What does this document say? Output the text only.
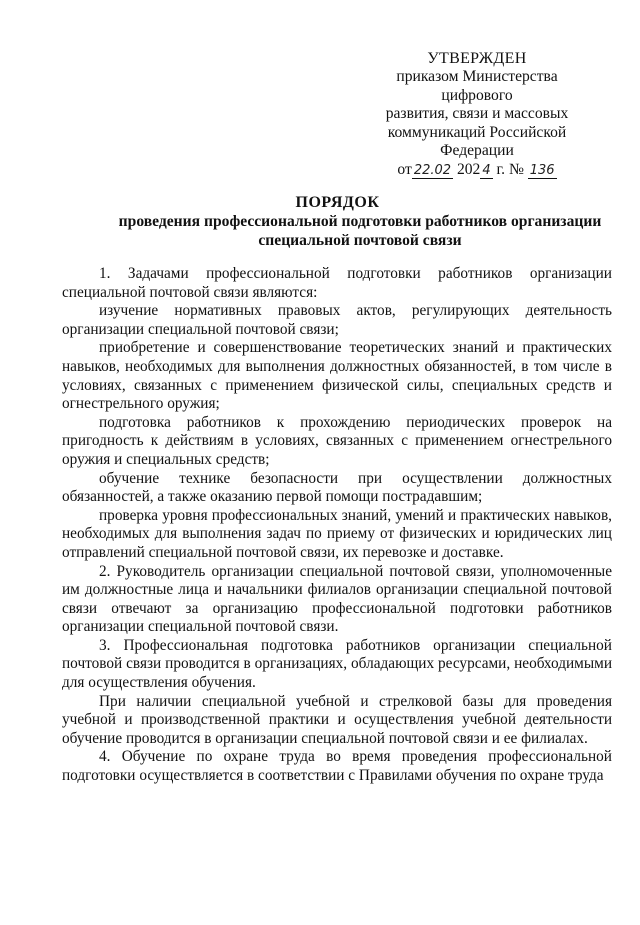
УТВЕРЖДЕН
приказом Министерства цифрового
развития, связи и массовых
коммуникаций Российской
Федерации
от 22.02 202 4 г. № 136
ПОРЯДОК
проведения профессиональной подготовки работников организации специальной почтовой связи

1. Задачами профессиональной подготовки работников организации специальной почтовой связи являются:

изучение нормативных правовых актов, регулирующих деятельность организации специальной почтовой связи;

приобретение и совершенствование теоретических знаний и практических навыков, необходимых для выполнения должностных обязанностей, в том числе в условиях, связанных с применением физической силы, специальных средств и огнестрельного оружия;

подготовка работников к прохождению периодических проверок на пригодность к действиям в условиях, связанных с применением огнестрельного оружия и специальных средств;

обучение технике безопасности при осуществлении должностных обязанностей, а также оказанию первой помощи пострадавшим;

проверка уровня профессиональных знаний, умений и практических навыков, необходимых для выполнения задач по приему от физических и юридических лиц отправлений специальной почтовой связи, их перевозке и доставке.

2. Руководитель организации специальной почтовой связи, уполномоченные им должностные лица и начальники филиалов организации специальной почтовой связи отвечают за организацию профессиональной подготовки работников организации специальной почтовой связи.

3. Профессиональная подготовка работников организации специальной почтовой связи проводится в организациях, обладающих ресурсами, необходимыми для осуществления обучения.

При наличии специальной учебной и стрелковой базы для проведения учебной и производственной практики и осуществления учебной деятельности обучение проводится в организации специальной почтовой связи и ее филиалах.

4. Обучение по охране труда во время проведения профессиональной подготовки осуществляется в соответствии с Правилами обучения по охране труда
